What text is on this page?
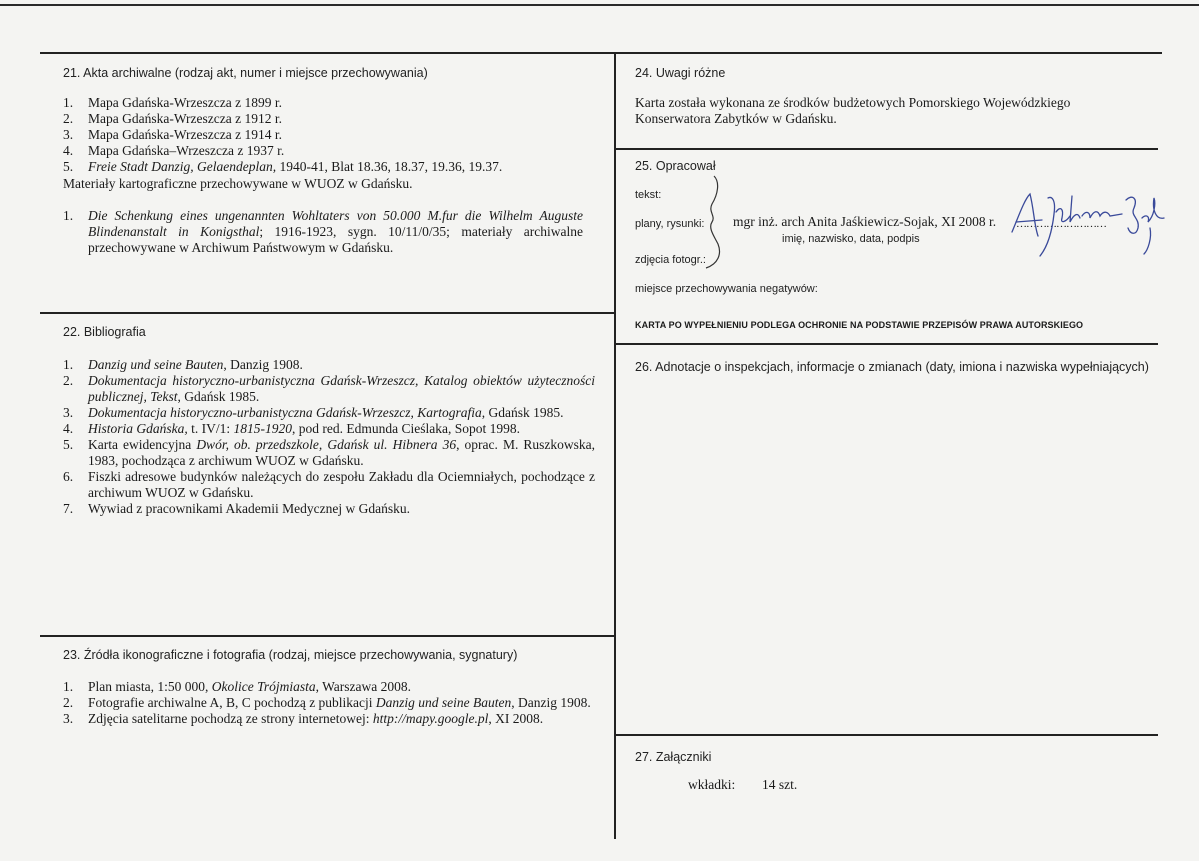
21. Akta archiwalne (rodzaj akt, numer i miejsce przechowywania)
1. Mapa Gdańska-Wrzeszcza z 1899 r.
2. Mapa Gdańska-Wrzeszcza z 1912 r.
3. Mapa Gdańska-Wrzeszcza z 1914 r.
4. Mapa Gdańska–Wrzeszcza z 1937 r.
5. Freie Stadt Danzig, Gelaendeplan, 1940-41, Blat 18.36, 18.37, 19.36, 19.37.
Materiały kartograficzne przechowywane w WUOZ w Gdańsku.
1. Die Schenkung eines ungenannten Wohltaters von 50.000 M.fur die Wilhelm Auguste Blindenanstalt in Konigsthal; 1916-1923, sygn. 10/11/0/35; materiały archiwalne przechowywane w Archiwum Państwowym w Gdańsku.
22. Bibliografia
1. Danzig und seine Bauten, Danzig 1908.
2. Dokumentacja historyczno-urbanistyczna Gdańsk-Wrzeszcz, Katalog obiektów użyteczności publicznej, Tekst, Gdańsk 1985.
3. Dokumentacja historyczno-urbanistyczna Gdańsk-Wrzeszcz, Kartografia, Gdańsk 1985.
4. Historia Gdańska, t. IV/1: 1815-1920, pod red. Edmunda Cieślaka, Sopot 1998.
5. Karta ewidencyjna Dwór, ob. przedszkole, Gdańsk ul. Hibnera 36, oprac. M. Ruszkowska, 1983, pochodząca z archiwum WUOZ w Gdańsku.
6. Fiszki adresowe budynków należących do zespołu Zakładu dla Ociemniałych, pochodzące z archiwum WUOZ w Gdańsku.
7. Wywiad z pracownikami Akademii Medycznej w Gdańsku.
23. Źródła ikonograficzne i fotografia (rodzaj, miejsce przechowywania, sygnatury)
1. Plan miasta, 1:50 000, Okolice Trójmiasta, Warszawa 2008.
2. Fotografie archiwalne A, B, C pochodzą z publikacji Danzig und seine Bauten, Danzig 1908.
3. Zdjęcia satelitarne pochodzą ze strony internetowej: http://mapy.google.pl, XI 2008.
24. Uwagi różne
Karta została wykonana ze środków budżetowych Pomorskiego Wojewódzkiego Konserwatora Zabytków w Gdańsku.
25. Opracował
tekst:
plany, rysunki:
zdjęcia fotogr.:
mgr inż. arch Anita Jaśkiewicz-Sojak, XI 2008 r. ………………………
imię, nazwisko, data, podpis
miejsce przechowywania negatywów:
KARTA PO WYPEŁNIENIU PODLEGA OCHRONIE NA PODSTAWIE PRZEPISÓW PRAWA AUTORSKIEGO
26. Adnotacje o inspekcjach, informacje o zmianach (daty, imiona i nazwiska wypełniających)
27. Załączniki
wkładki: 14 szt.
